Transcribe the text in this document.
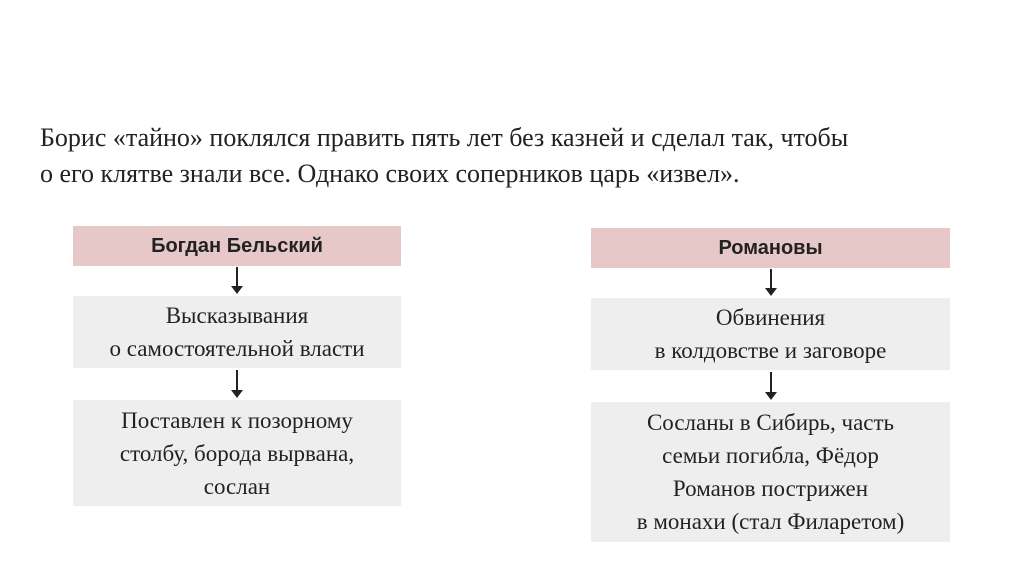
Борис «тайно» поклялся править пять лет без казней и сделал так, чтобы
о его клятве знали все. Однако своих соперников царь «извел».
Богдан Бельский
Высказывания
о самостоятельной власти
Поставлен к позорному
столбу, борода вырвана,
сослан
Романовы
Обвинения
в колдовстве и заговоре
Сосланы в Сибирь, часть
семьи погибла, Фёдор
Романов пострижен
в монахи (стал Филаретом)
